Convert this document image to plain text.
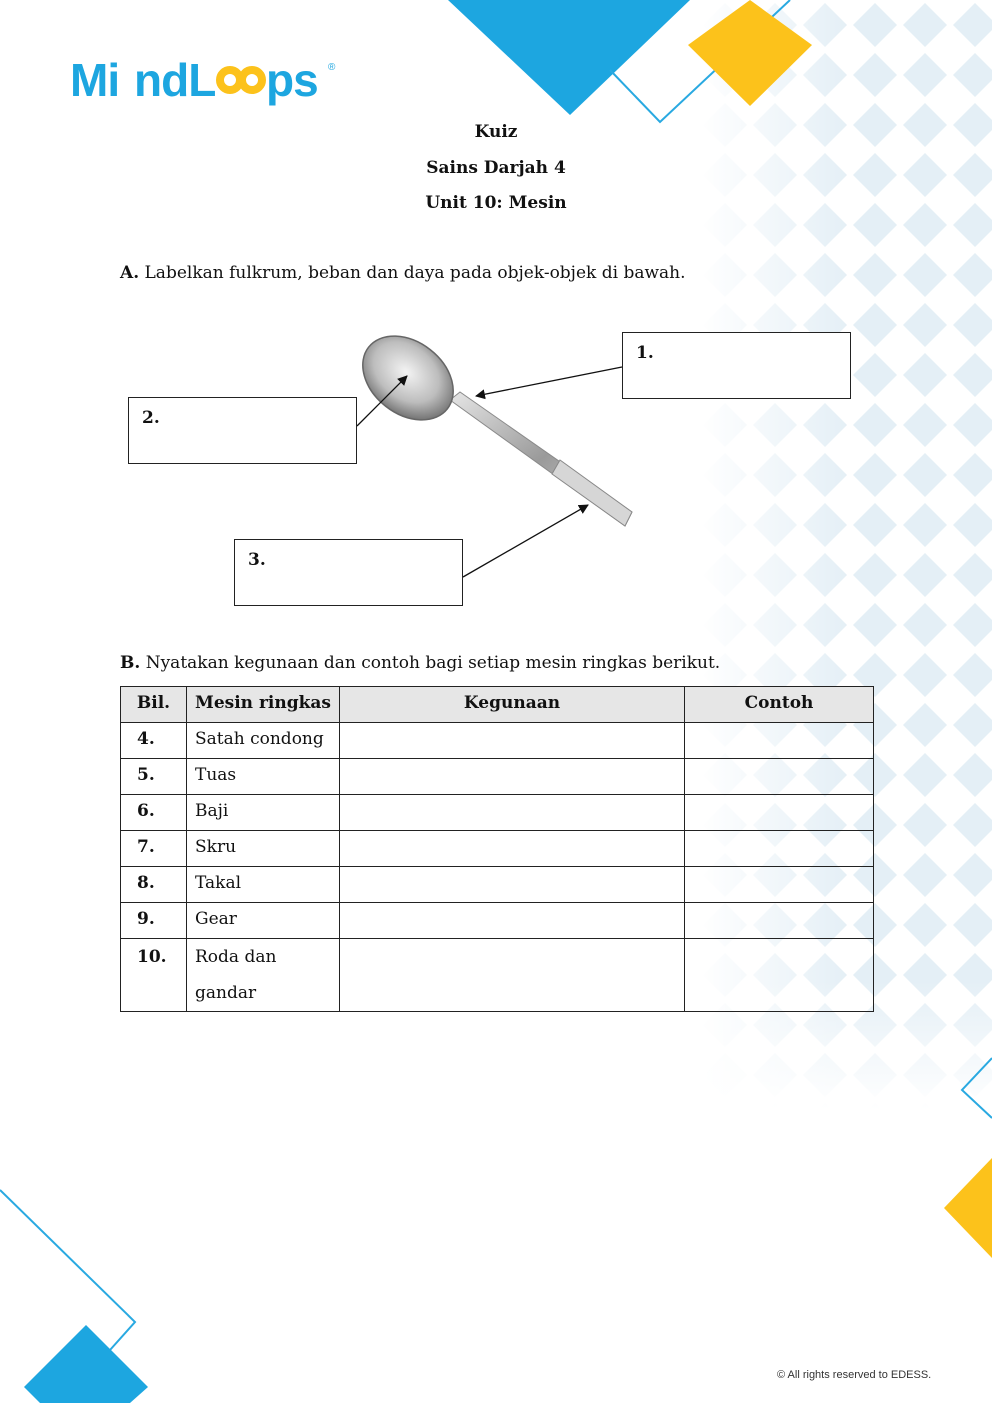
Mi ndL ps ®
Kuiz
Sains Darjah 4
Unit 10: Mesin
A. Labelkan fulkrum, beban dan daya pada objek-objek di bawah.
1.
2.
3.
B. Nyatakan kegunaan dan contoh bagi setiap mesin ringkas berikut.
Bil.	Mesin ringkas	Kegunaan	Contoh
4.	Satah condong		
5.	Tuas		
6.	Baji		
7.	Skru		
8.	Takal		
9.	Gear		
10.	Roda dan gandar		
© All rights reserved to EDESS.
